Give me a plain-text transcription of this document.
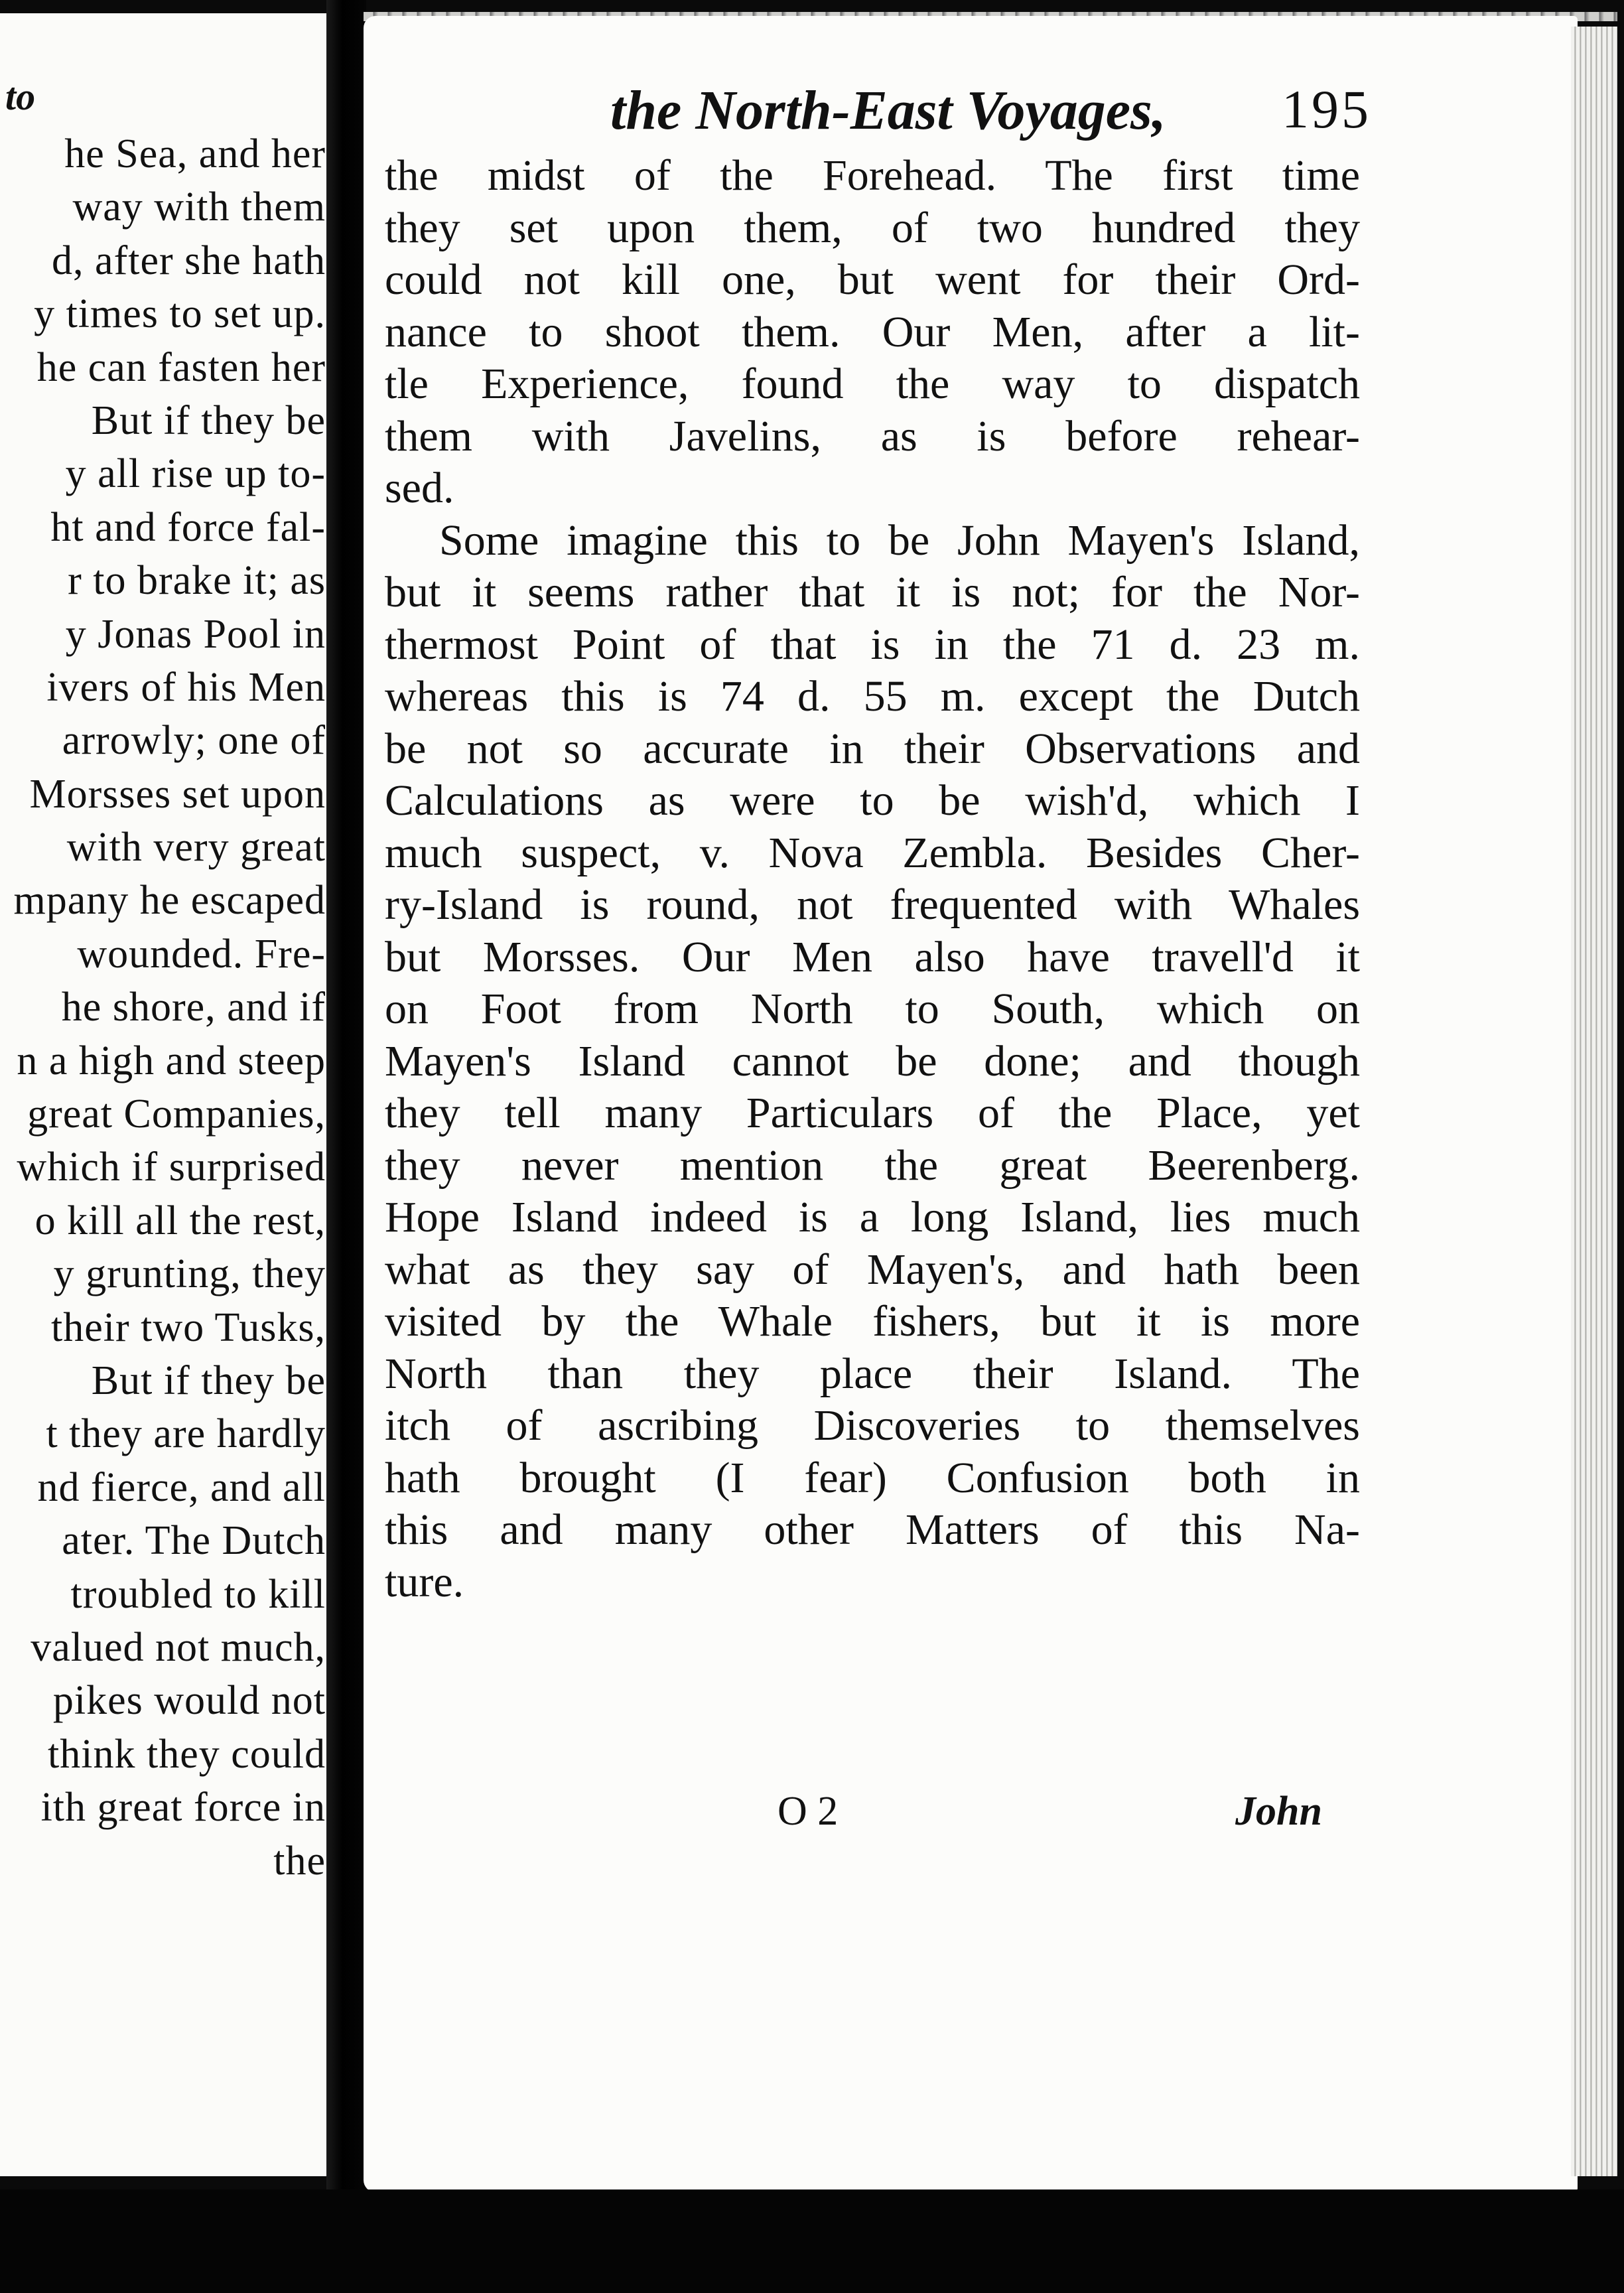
to
he Sea, and her
way with them
d, after she hath
y times to set up.
he can fasten her
But if they be
y all rise up to-
ht and force fal-
r to brake it; as
y Jonas Pool in
ivers of his Men
arrowly; one of
Morsses set upon
with very great
mpany he escaped
wounded. Fre-
he shore, and if
n a high and steep
great Companies,
which if surprised
o kill all the rest,
y grunting, they
their two Tusks,
But if they be
t they are hardly
nd fierce, and all
ater. The Dutch
troubled to kill
valued not much,
pikes would not
think they could
ith great force in
the
the North-East Voyages, 195
the midst of the Forehead. The first time
they set upon them, of two hundred they
could not kill one, but went for their Ord-
nance to shoot them. Our Men, after a lit-
tle Experience, found the way to dispatch
them with Javelins, as is before rehear-
sed.
Some imagine this to be John Mayen's Island,
but it seems rather that it is not; for the Nor-
thermost Point of that is in the 71 d. 23 m.
whereas this is 74 d. 55 m. except the Dutch
be not so accurate in their Observations and
Calculations as were to be wish'd, which I
much suspect, v. Nova Zembla. Besides Cher-
ry-Island is round, not frequented with Whales
but Morsses. Our Men also have travell'd it
on Foot from North to South, which on
Mayen's Island cannot be done; and though
they tell many Particulars of the Place, yet
they never mention the great Beerenberg.
Hope Island indeed is a long Island, lies much
what as they say of Mayen's, and hath been
visited by the Whale fishers, but it is more
North than they place their Island. The
itch of ascribing Discoveries to themselves
hath brought (I fear) Confusion both in
this and many other Matters of this Na-
ture.
O 2	John
